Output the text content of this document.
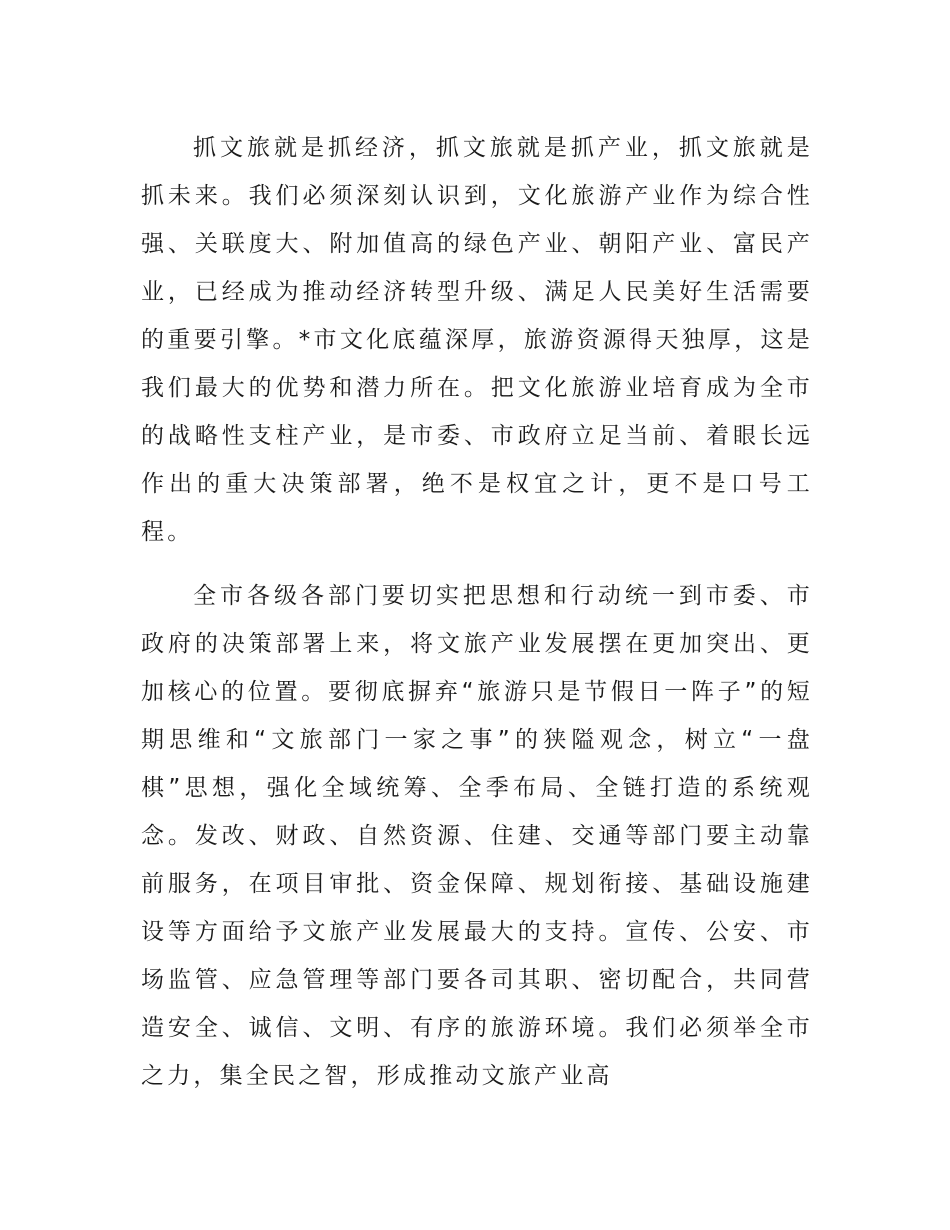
抓文旅就是抓经济，抓文旅就是抓产业，抓文旅就是抓未来。我们必须深刻认识到，文化旅游产业作为综合性强、关联度大、附加值高的绿色产业、朝阳产业、富民产业，已经成为推动经济转型升级、满足人民美好生活需要的重要引擎。*市文化底蕴深厚，旅游资源得天独厚，这是我们最大的优势和潜力所在。把文化旅游业培育成为全市的战略性支柱产业，是市委、市政府立足当前、着眼长远作出的重大决策部署，绝不是权宜之计，更不是口号工程。

全市各级各部门要切实把思想和行动统一到市委、市政府的决策部署上来，将文旅产业发展摆在更加突出、更加核心的位置。要彻底摒弃“旅游只是节假日一阵子”的短期思维和“文旅部门一家之事”的狭隘观念，树立“一盘棋”思想，强化全域统筹、全季布局、全链打造的系统观念。发改、财政、自然资源、住建、交通等部门要主动靠前服务，在项目审批、资金保障、规划衔接、基础设施建设等方面给予文旅产业发展最大的支持。宣传、公安、市场监管、应急管理等部门要各司其职、密切配合，共同营造安全、诚信、文明、有序的旅游环境。我们必须举全市之力，集全民之智，形成推动文旅产业高
